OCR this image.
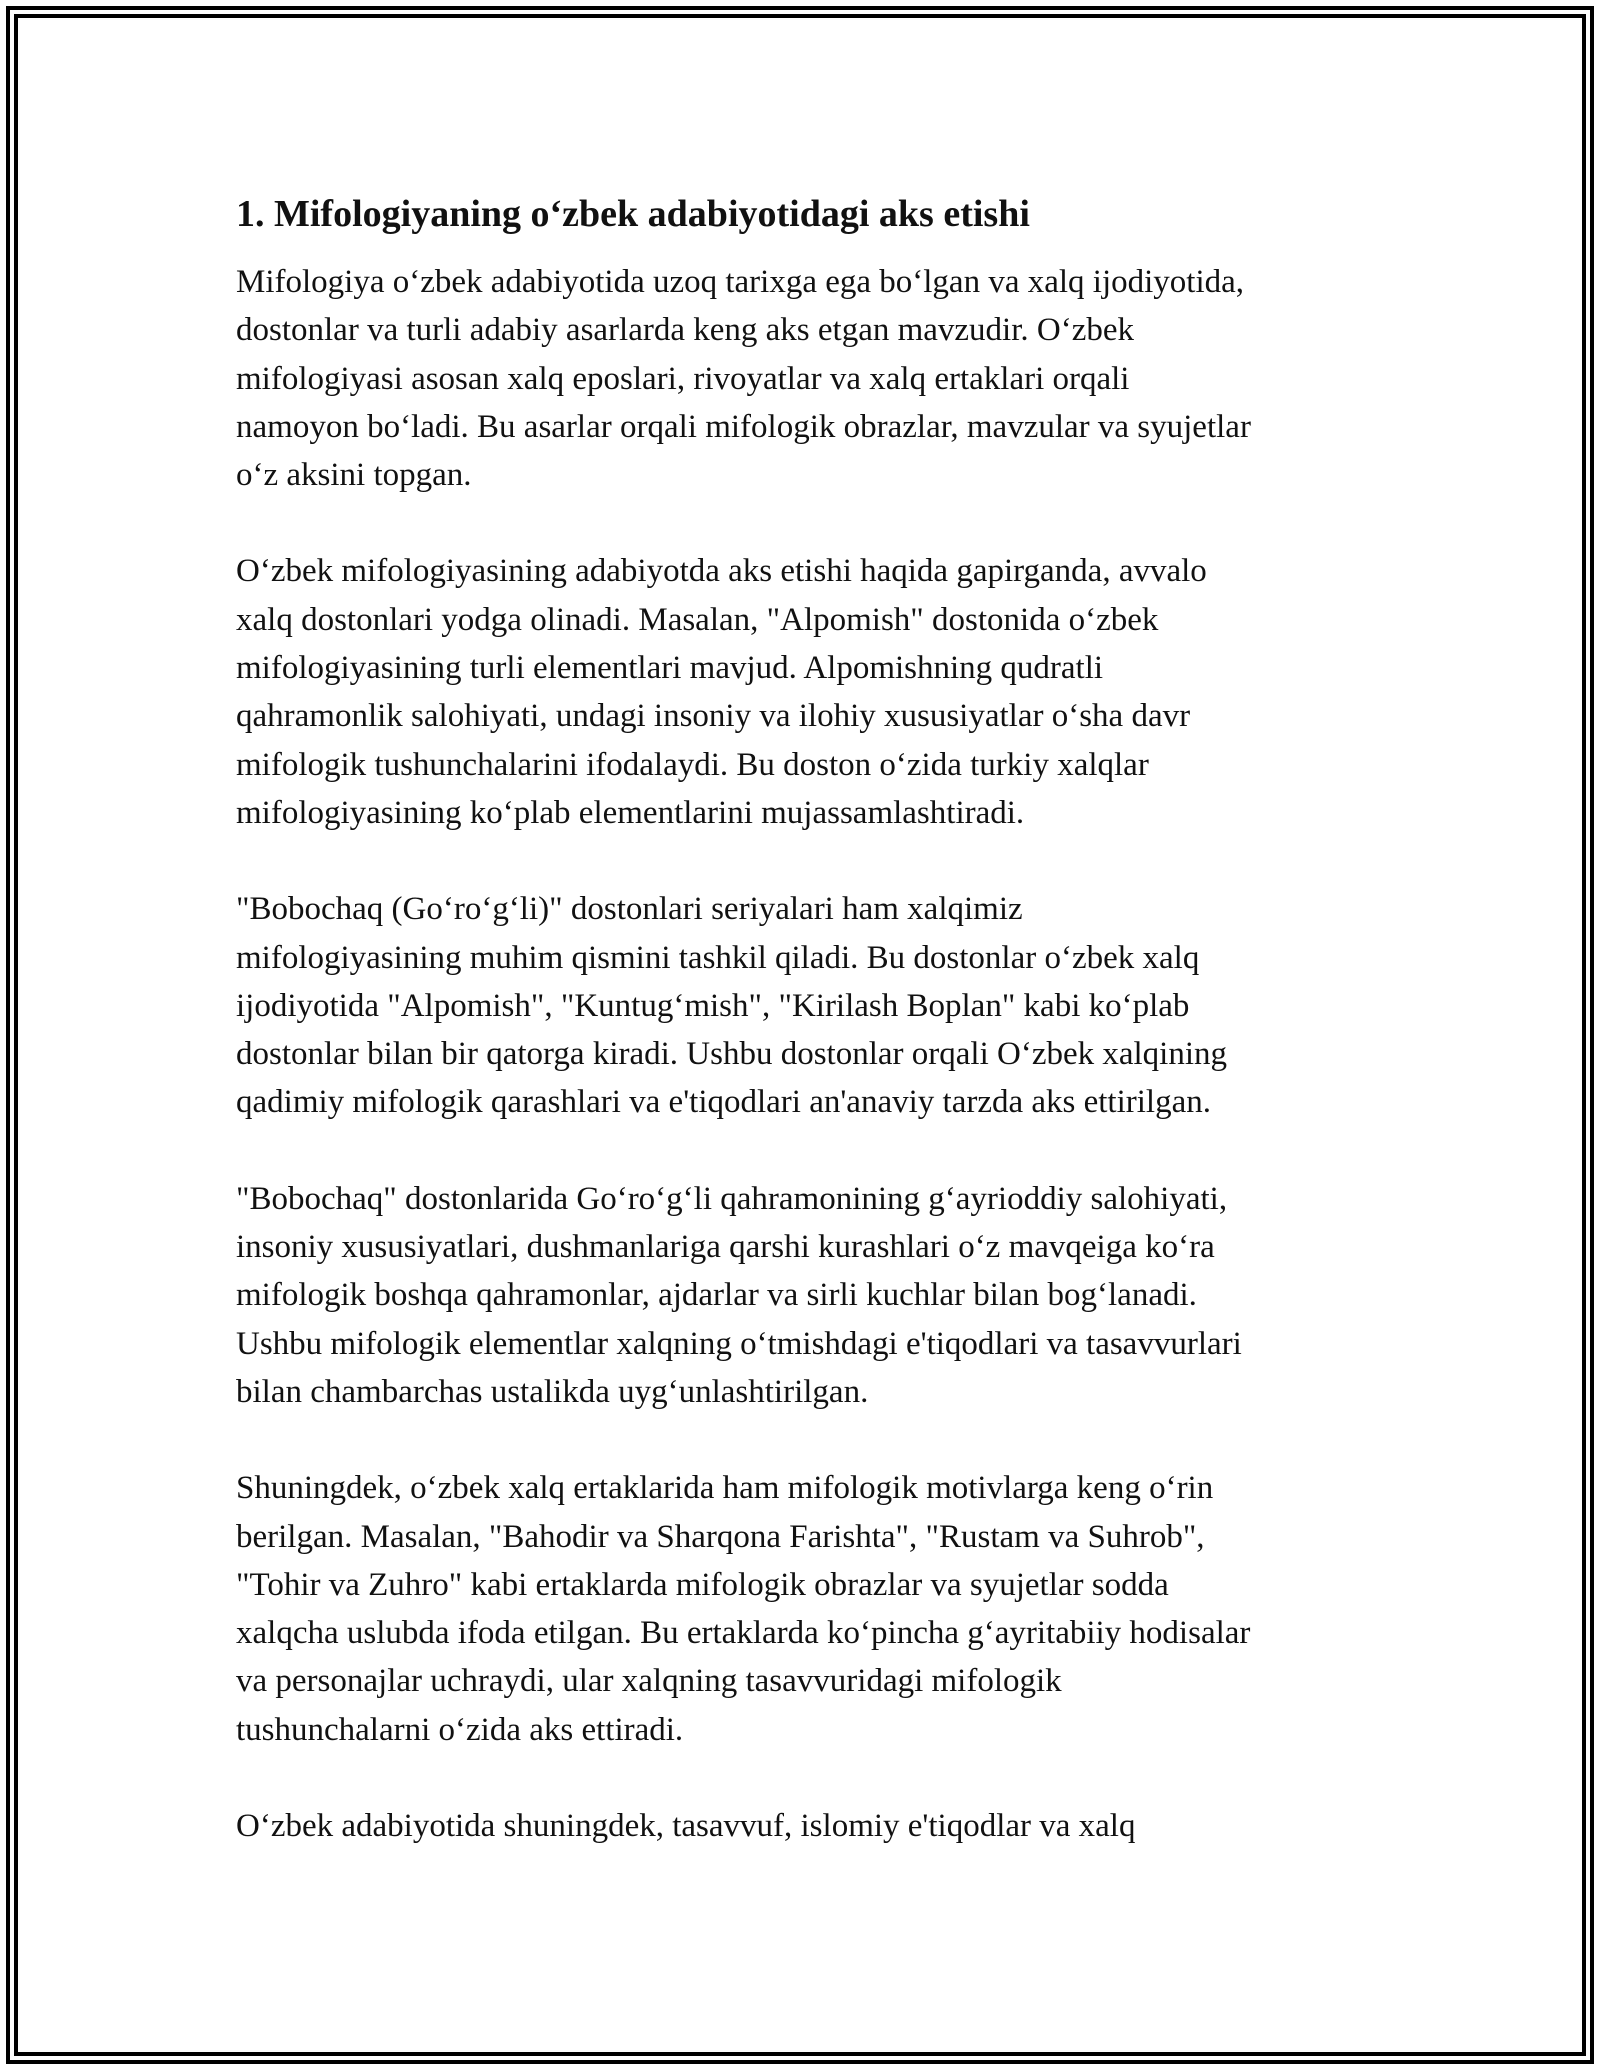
1. Mifologiyaning o‘zbek adabiyotidagi aks etishi
Mifologiya o‘zbek adabiyotida uzoq tarixga ega bo‘lgan va xalq ijodiyotida,
dostonlar va turli adabiy asarlarda keng aks etgan mavzudir. O‘zbek
mifologiyasi asosan xalq eposlari, rivoyatlar va xalq ertaklari orqali
namoyon bo‘ladi. Bu asarlar orqali mifologik obrazlar, mavzular va syujetlar
o‘z aksini topgan.
O‘zbek mifologiyasining adabiyotda aks etishi haqida gapirganda, avvalo
xalq dostonlari yodga olinadi. Masalan, "Alpomish" dostonida o‘zbek
mifologiyasining turli elementlari mavjud. Alpomishning qudratli
qahramonlik salohiyati, undagi insoniy va ilohiy xususiyatlar o‘sha davr
mifologik tushunchalarini ifodalaydi. Bu doston o‘zida turkiy xalqlar
mifologiyasining ko‘plab elementlarini mujassamlashtiradi.
"Bobochaq (Go‘ro‘g‘li)" dostonlari seriyalari ham xalqimiz
mifologiyasining muhim qismini tashkil qiladi. Bu dostonlar o‘zbek xalq
ijodiyotida "Alpomish", "Kuntug‘mish", "Kirilash Boplan" kabi ko‘plab
dostonlar bilan bir qatorga kiradi. Ushbu dostonlar orqali O‘zbek xalqining
qadimiy mifologik qarashlari va e'tiqodlari an'anaviy tarzda aks ettirilgan.
"Bobochaq" dostonlarida Go‘ro‘g‘li qahramonining g‘ayrioddiy salohiyati,
insoniy xususiyatlari, dushmanlariga qarshi kurashlari o‘z mavqeiga ko‘ra
mifologik boshqa qahramonlar, ajdarlar va sirli kuchlar bilan bog‘lanadi.
Ushbu mifologik elementlar xalqning o‘tmishdagi e'tiqodlari va tasavvurlari
bilan chambarchas ustalikda uyg‘unlashtirilgan.
Shuningdek, o‘zbek xalq ertaklarida ham mifologik motivlarga keng o‘rin
berilgan. Masalan, "Bahodir va Sharqona Farishta", "Rustam va Suhrob",
"Tohir va Zuhro" kabi ertaklarda mifologik obrazlar va syujetlar sodda
xalqcha uslubda ifoda etilgan. Bu ertaklarda ko‘pincha g‘ayritabiiy hodisalar
va personajlar uchraydi, ular xalqning tasavvuridagi mifologik
tushunchalarni o‘zida aks ettiradi.
O‘zbek adabiyotida shuningdek, tasavvuf, islomiy e'tiqodlar va xalq
